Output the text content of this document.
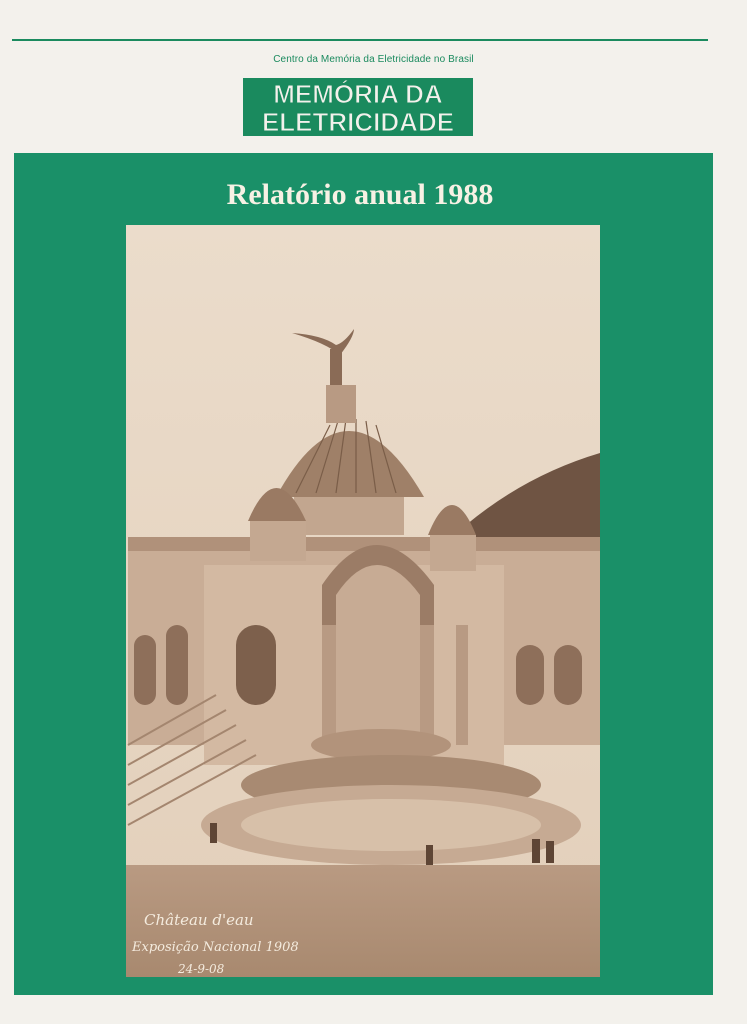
Centro da Memória da Eletricidade no Brasil
MEMÓRIA DA
ELETRICIDADE
Relatório anual 1988
Château d'eau
Exposição Nacional 1908
24-9-08
